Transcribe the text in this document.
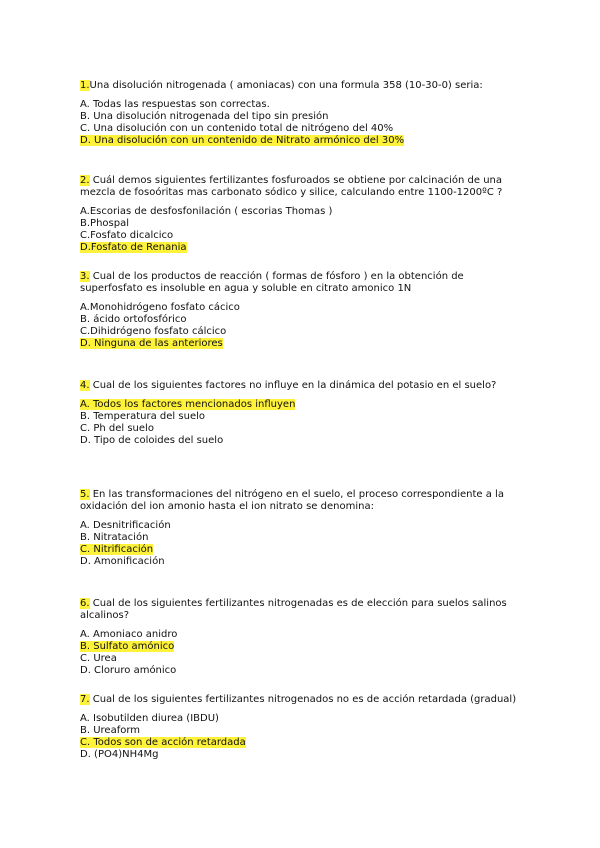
1.Una disolución nitrogenada ( amoniacas) con una formula 358 (10-30-0) seria:
A. Todas las respuestas son correctas.
B. Una disolución nitrogenada del tipo sin presión
C. Una disolución con un contenido total de nitrógeno del 40%
D. Una disolución con un contenido de Nitrato armónico del 30%
2. Cuál demos siguientes fertilizantes fosfuroados se obtiene por calcinación de una
mezcla de fosoóritas mas carbonato sódico y silice, calculando entre 1100-1200ºC ?
A.Escorias de desfosfonilación ( escorias Thomas )
B.Phospal
C.Fosfato dicalcico
D.Fosfato de Renania
3. Cual de los productos de reacción ( formas de fósforo ) en la obtención de
superfosfato es insoluble en agua y soluble en citrato amonico 1N
A.Monohidrógeno fosfato cácico
B. ácido ortofosfórico
C.Dihidrógeno fosfato cálcico
D. Ninguna de las anteriores
4. Cual de los siguientes factores no influye en la dinámica del potasio en el suelo?
A. Todos los factores mencionados influyen
B. Temperatura del suelo
C. Ph del suelo
D. Tipo de coloides del suelo
5. En las transformaciones del nitrógeno en el suelo, el proceso correspondiente a la
oxidación del ion amonio hasta el ion nitrato se denomina:
A. Desnitrificación
B. Nitratación
C. Nitrificación
D. Amonificación
6. Cual de los siguientes fertilizantes nitrogenadas es de elección para suelos salinos
alcalinos?
A. Amoniaco anidro
B. Sulfato amónico
C. Urea
D. Cloruro amónico
7. Cual de los siguientes fertilizantes nitrogenados no es de acción retardada (gradual)
A. Isobutilden diurea (IBDU)
B. Ureaform
C. Todos son de acción retardada
D. (PO4)NH4Mg
